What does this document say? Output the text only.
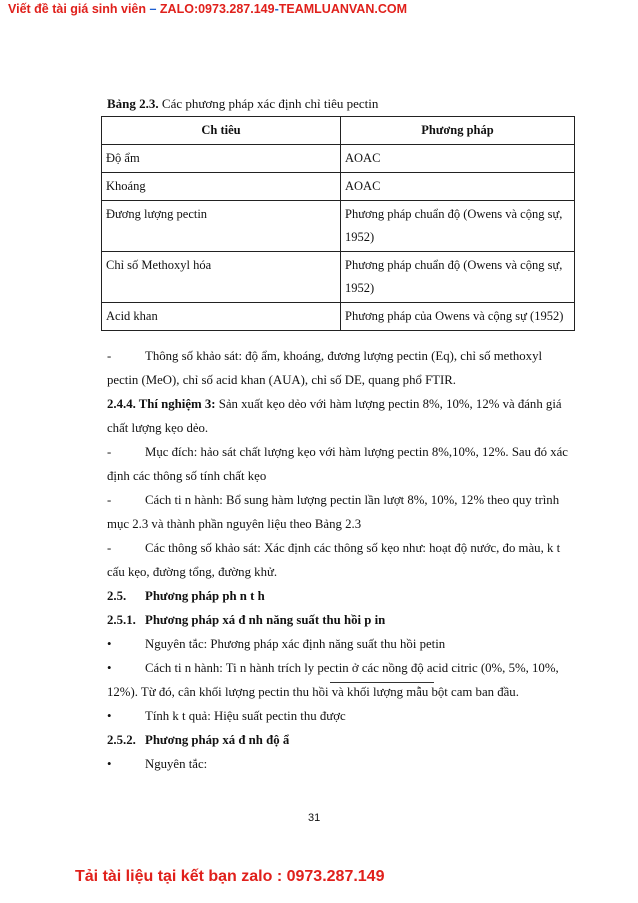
Viết đề tài giá sinh viên – ZALO:0973.287.149-TEAMLUANVAN.COM
Bảng 2.3. Các phương pháp xác định chỉ tiêu pectin
Ch tiêu	Phương pháp
Độ ẩm	AOAC
Khoáng	AOAC
Đương lượng pectin	Phương pháp chuẩn độ (Owens và cộng sự, 1952)
Chỉ số Methoxyl hóa	Phương pháp chuẩn độ (Owens và cộng sự, 1952)
Acid khan	Phương pháp của Owens và cộng sự (1952)
-	Thông số khảo sát: độ ẩm, khoáng, đương lượng pectin (Eq), chỉ số methoxyl
pectin (MeO), chỉ số acid khan (AUA), chỉ số DE, quang phổ FTIR.
2.4.4. Thí nghiệm 3: Sản xuất kẹo dẻo với hàm lượng pectin 8%, 10%, 12% và đánh giá
chất lượng kẹo dẻo.
-	Mục đích: hảo sát chất lượng kẹo với hàm lượng pectin 8%,10%, 12%. Sau đó xác
định các thông số tính chất kẹo
-	Cách ti n hành: Bổ sung hàm lượng pectin lần lượt 8%, 10%, 12% theo quy trình
mục 2.3 và thành phần nguyên liệu theo Bảng 2.3
-	Các thông số khảo sát: Xác định các thông số kẹo như: hoạt độ nước, đo màu, k t
cấu kẹo, đường tổng, đường khử.
2.5. Phương pháp ph n t h
2.5.1. Phương pháp xá đ nh năng suất thu hồi p in
•	Nguyên tắc: Phương pháp xác định năng suất thu hồi petin
•	Cách ti n hành: Ti n hành trích ly pectin ở các nồng độ acid citric (0%, 5%, 10%,
12%). Từ đó, cân khối lượng pectin thu hồi và khối lượng mẫu bột cam ban đầu.
•	Tính k t quả: Hiệu suất pectin thu được
2.5.2. Phương pháp xá đ nh độ ẩ
•	Nguyên tắc:
31
Tải tài liệu tại kết bạn zalo : 0973.287.149
